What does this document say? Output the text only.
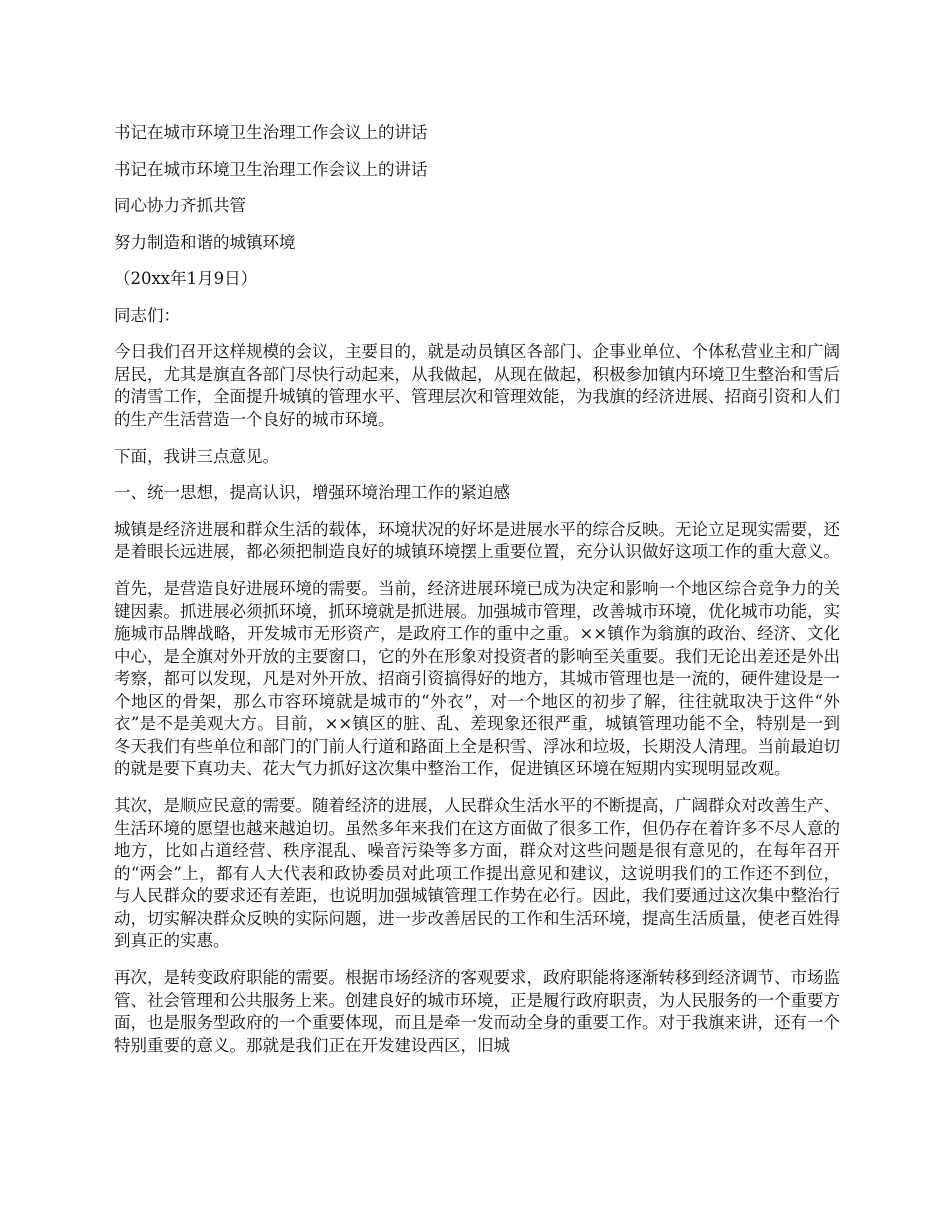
书记在城市环境卫生治理工作会议上的讲话

书记在城市环境卫生治理工作会议上的讲话

同心协力齐抓共管

努力制造和谐的城镇环境

（20xx年1月9日）

同志们：

今日我们召开这样规模的会议，主要目的，就是动员镇区各部门、企事业单位、个体私营业主和广阔居民，尤其是旗直各部门尽快行动起来，从我做起，从现在做起，积极参加镇内环境卫生整治和雪后的清雪工作，全面提升城镇的管理水平、管理层次和管理效能，为我旗的经济进展、招商引资和人们的生产生活营造一个良好的城市环境。

下面，我讲三点意见。

一、统一思想，提高认识，增强环境治理工作的紧迫感

城镇是经济进展和群众生活的载体，环境状况的好坏是进展水平的综合反映。无论立足现实需要，还是着眼长远进展，都必须把制造良好的城镇环境摆上重要位置，充分认识做好这项工作的重大意义。

首先，是营造良好进展环境的需要。当前，经济进展环境已成为决定和影响一个地区综合竞争力的关键因素。抓进展必须抓环境，抓环境就是抓进展。加强城市管理，改善城市环境，优化城市功能，实施城市品牌战略，开发城市无形资产，是政府工作的重中之重。××镇作为翁旗的政治、经济、文化中心，是全旗对外开放的主要窗口，它的外在形象对投资者的影响至关重要。我们无论出差还是外出考察，都可以发现，凡是对外开放、招商引资搞得好的地方，其城市管理也是一流的，硬件建设是一个地区的骨架，那么市容环境就是城市的“外衣”，对一个地区的初步了解，往往就取决于这件“外衣”是不是美观大方。目前，××镇区的脏、乱、差现象还很严重，城镇管理功能不全，特别是一到冬天我们有些单位和部门的门前人行道和路面上全是积雪、浮冰和垃圾，长期没人清理。当前最迫切的就是要下真功夫、花大气力抓好这次集中整治工作，促进镇区环境在短期内实现明显改观。

其次，是顺应民意的需要。随着经济的进展，人民群众生活水平的不断提高，广阔群众对改善生产、生活环境的愿望也越来越迫切。虽然多年来我们在这方面做了很多工作，但仍存在着许多不尽人意的地方，比如占道经营、秩序混乱、噪音污染等多方面，群众对这些问题是很有意见的，在每年召开的“两会”上，都有人大代表和政协委员对此项工作提出意见和建议，这说明我们的工作还不到位，与人民群众的要求还有差距，也说明加强城镇管理工作势在必行。因此，我们要通过这次集中整治行动，切实解决群众反映的实际问题，进一步改善居民的工作和生活环境，提高生活质量，使老百姓得到真正的实惠。

再次，是转变政府职能的需要。根据市场经济的客观要求，政府职能将逐渐转移到经济调节、市场监管、社会管理和公共服务上来。创建良好的城市环境，正是履行政府职责，为人民服务的一个重要方面，也是服务型政府的一个重要体现，而且是牵一发而动全身的重要工作。对于我旗来讲，还有一个特别重要的意义。那就是我们正在开发建设西区，旧城
